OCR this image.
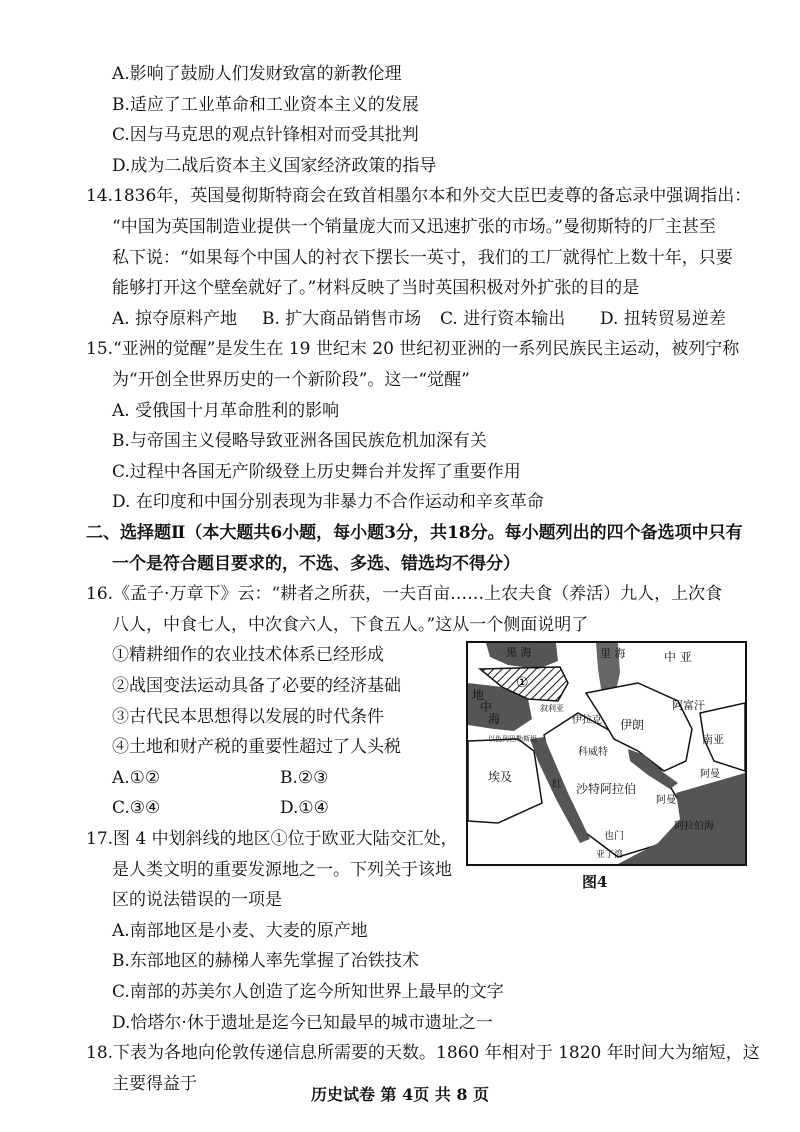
A.影响了鼓励人们发财致富的新教伦理
B.适应了工业革命和工业资本主义的发展
C.因与马克思的观点针锋相对而受其批判
D.成为二战后资本主义国家经济政策的指导
14.1836年，英国曼彻斯特商会在致首相墨尔本和外交大臣巴麦尊的备忘录中强调指出：
“中国为英国制造业提供一个销量庞大而又迅速扩张的市场。”曼彻斯特的厂主甚至
私下说：“如果每个中国人的衬衣下摆长一英寸，我们的工厂就得忙上数十年，只要
能够打开这个壁垒就好了。”材料反映了当时英国积极对外扩张的目的是
A. 掠夺原料产地 B. 扩大商品销售市场 C. 进行资本输出 D. 扭转贸易逆差
15.“亚洲的觉醒”是发生在 19 世纪末 20 世纪初亚洲的一系列民族民主运动，被列宁称
为“开创全世界历史的一个新阶段”。这一“觉醒”
A. 受俄国十月革命胜利的影响
B.与帝国主义侵略导致亚洲各国民族危机加深有关
C.过程中各国无产阶级登上历史舞台并发挥了重要作用
D. 在印度和中国分别表现为非暴力不合作运动和辛亥革命
二、选择题Ⅱ（本大题共6小题，每小题3分，共18分。每小题列出的四个备选项中只有
一个是符合题目要求的，不选、多选、错选均不得分）
16.《孟子·万章下》云：“耕者之所获，一夫百亩……上农夫食（养活）九人，上次食
八人，中食七人，中次食六人，下食五人。”这从一个侧面说明了
①精耕细作的农业技术体系已经形成
②战国变法运动具备了必要的经济基础
③古代民本思想得以发展的时代条件
④土地和财产税的重要性超过了人头税
A.①②	B.②③
C.③④	D.①④
17.图 4 中划斜线的地区①位于欧亚大陆交汇处，
是人类文明的重要发源地之一。下列关于该地
区的说法错误的一项是
A.南部地区是小麦、大麦的原产地
B.东部地区的赫梯人率先掌握了冶铁技术
C.南部的苏美尔人创造了迄今所知世界上最早的文字
D.恰塔尔·休于遗址是迄今已知最早的城市遗址之一
18.下表为各地向伦敦传递信息所需要的天数。1860 年相对于 1820 年时间大为缩短，这
黑 海	里 海	中 亚
①
地
中
海
叙利亚
伊拉克 伊朗
阿富汗
以色列巴勒斯坦
科威特
南亚
埃及
沙特阿拉伯
红
阿曼
阿曼
阿拉伯海
也门
亚丁湾
图4
主要得益于
历史试卷 第 4页 共 8 页
